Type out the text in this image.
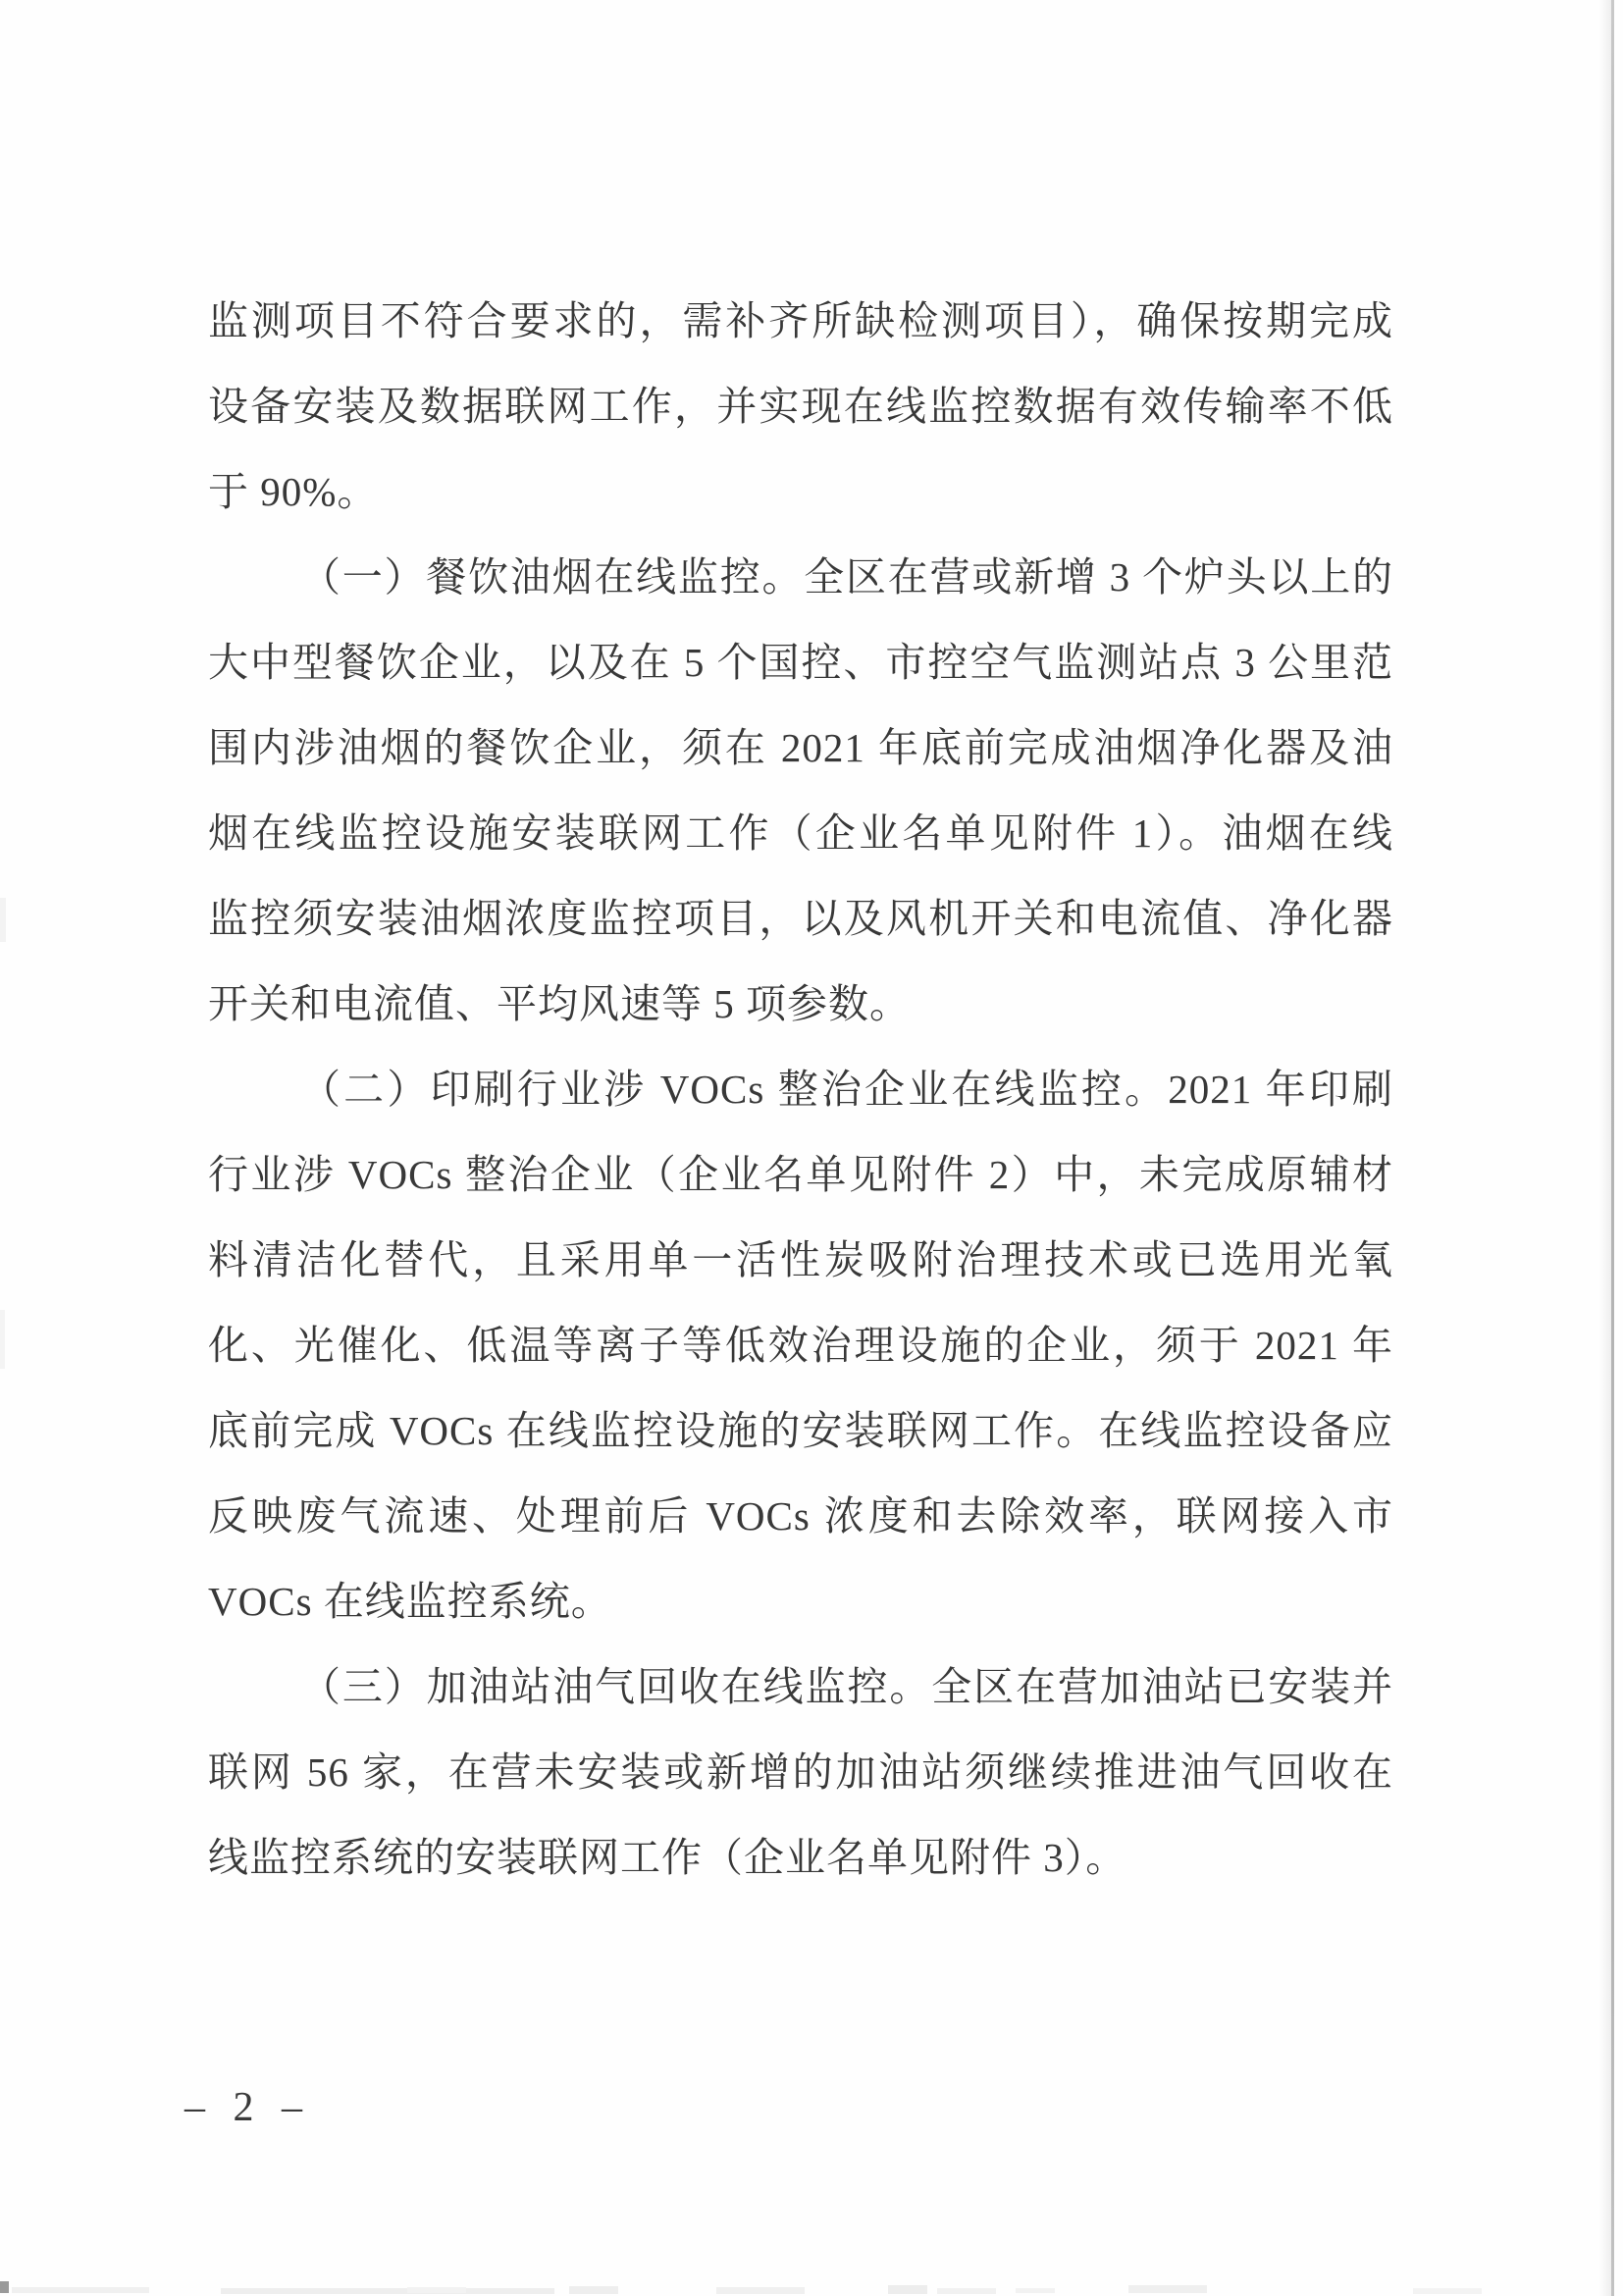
监测项目不符合要求的，需补齐所缺检测项目），确保按期完成
设备安装及数据联网工作，并实现在线监控数据有效传输率不低
于 90%。
（一）餐饮油烟在线监控。全区在营或新增 3 个炉头以上的
大中型餐饮企业，以及在 5 个国控、市控空气监测站点 3 公里范
围内涉油烟的餐饮企业，须在 2021 年底前完成油烟净化器及油
烟在线监控设施安装联网工作（企业名单见附件 1）。油烟在线
监控须安装油烟浓度监控项目，以及风机开关和电流值、净化器
开关和电流值、平均风速等 5 项参数。
（二）印刷行业涉 VOCs 整治企业在线监控。2021 年印刷
行业涉 VOCs 整治企业（企业名单见附件 2）中，未完成原辅材
料清洁化替代，且采用单一活性炭吸附治理技术或已选用光氧
化、光催化、低温等离子等低效治理设施的企业，须于 2021 年
底前完成 VOCs 在线监控设施的安装联网工作。在线监控设备应
反映废气流速、处理前后 VOCs 浓度和去除效率，联网接入市
VOCs 在线监控系统。
（三）加油站油气回收在线监控。全区在营加油站已安装并
联网 56 家，在营未安装或新增的加油站须继续推进油气回收在
线监控系统的安装联网工作（企业名单见附件 3）。
– 2 –
